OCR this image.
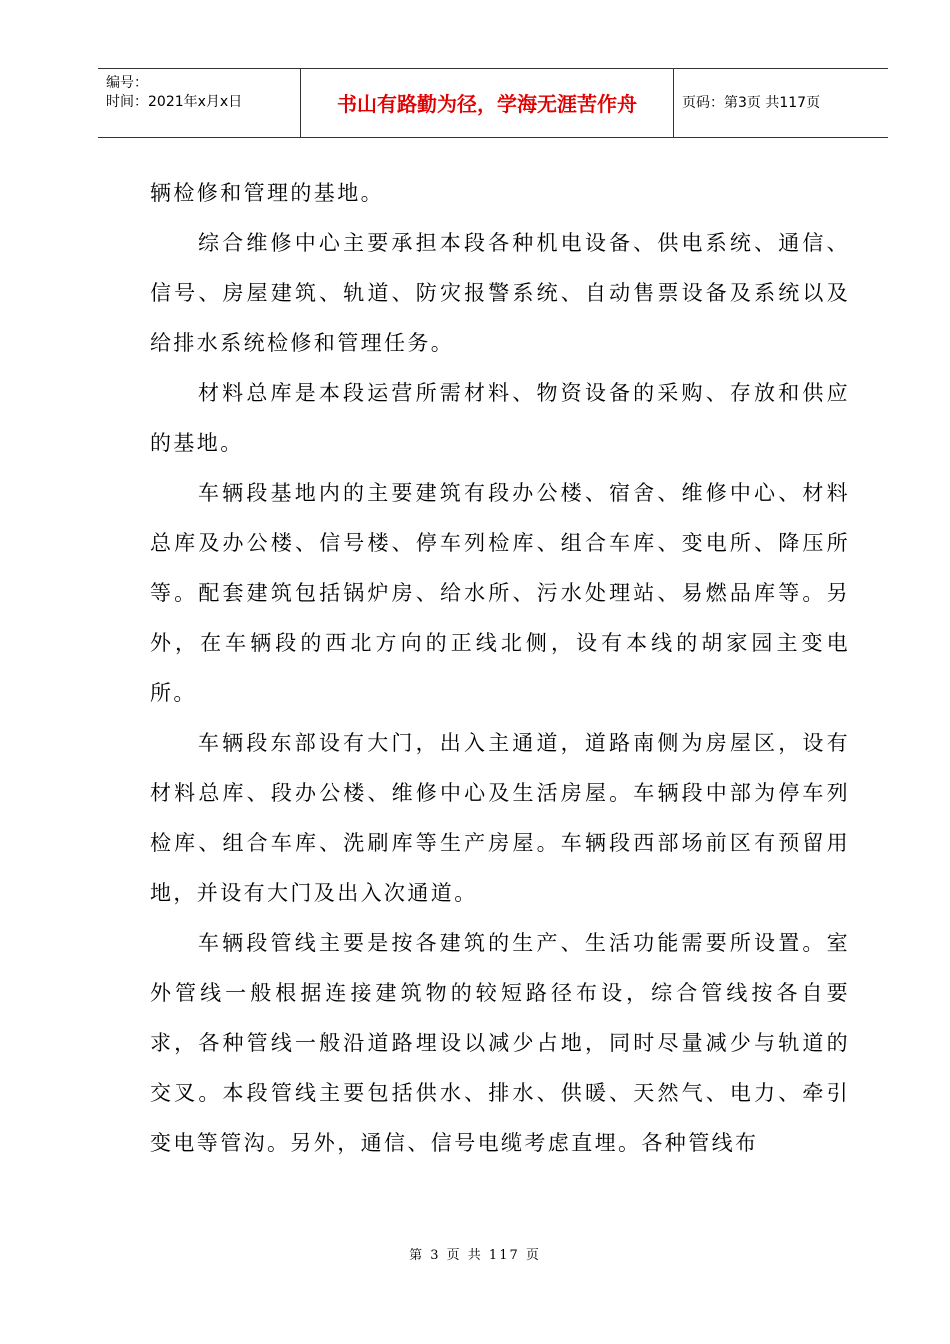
编号：
时间：2021年x月x日	书山有路勤为径，学海无涯苦作舟	页码：第3页 共117页

辆检修和管理的基地。

综合维修中心主要承担本段各种机电设备、供电系统、通信、信号、房屋建筑、轨道、防灾报警系统、自动售票设备及系统以及给排水系统检修和管理任务。

材料总库是本段运营所需材料、物资设备的采购、存放和供应的基地。

车辆段基地内的主要建筑有段办公楼、宿舍、维修中心、材料总库及办公楼、信号楼、停车列检库、组合车库、变电所、降压所等。配套建筑包括锅炉房、给水所、污水处理站、易燃品库等。另外，在车辆段的西北方向的正线北侧，设有本线的胡家园主变电所。

车辆段东部设有大门，出入主通道，道路南侧为房屋区，设有材料总库、段办公楼、维修中心及生活房屋。车辆段中部为停车列检库、组合车库、洗刷库等生产房屋。车辆段西部场前区有预留用地，并设有大门及出入次通道。

车辆段管线主要是按各建筑的生产、生活功能需要所设置。室外管线一般根据连接建筑物的较短路径布设，综合管线按各自要求，各种管线一般沿道路埋设以减少占地，同时尽量减少与轨道的交叉。本段管线主要包括供水、排水、供暖、天然气、电力、牵引变电等管沟。另外，通信、信号电缆考虑直埋。各种管线布

第 3 页 共 117 页
